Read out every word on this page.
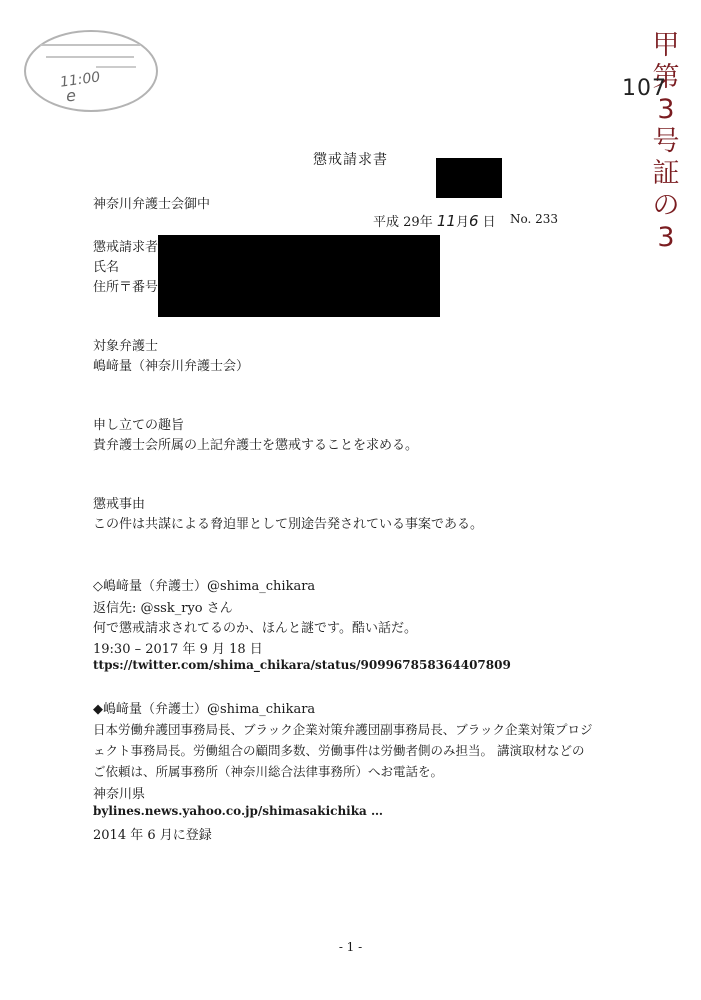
11:00
e
甲第3号証の3
107
懲戒請求書
神奈川弁護士会御中
平成 29年 11月6 日 No. 233
懲戒請求者
氏名
住所〒番号
対象弁護士
嶋﨑量（神奈川弁護士会）
申し立ての趣旨
貴弁護士会所属の上記弁護士を懲戒することを求める。
懲戒事由
この件は共謀による脅迫罪として別途告発されている事案である。
◇嶋﨑量（弁護士）@shima_chikara
返信先: @ssk_ryo さん
何で懲戒請求されてるのか、ほんと謎です。酷い話だ。
19:30 – 2017 年 9 月 18 日
ttps://twitter.com/shima_chikara/status/909967858364407809
◆嶋﨑量（弁護士）@shima_chikara
日本労働弁護団事務局長、ブラック企業対策弁護団副事務局長、ブラック企業対策プロジ
ェクト事務局長。労働組合の顧問多数、労働事件は労働者側のみ担当。 講演取材などの
ご依頼は、所属事務所（神奈川総合法律事務所）へお電話を。
神奈川県
bylines.news.yahoo.co.jp/shimasakichika …
2014 年 6 月に登録
- 1 -
